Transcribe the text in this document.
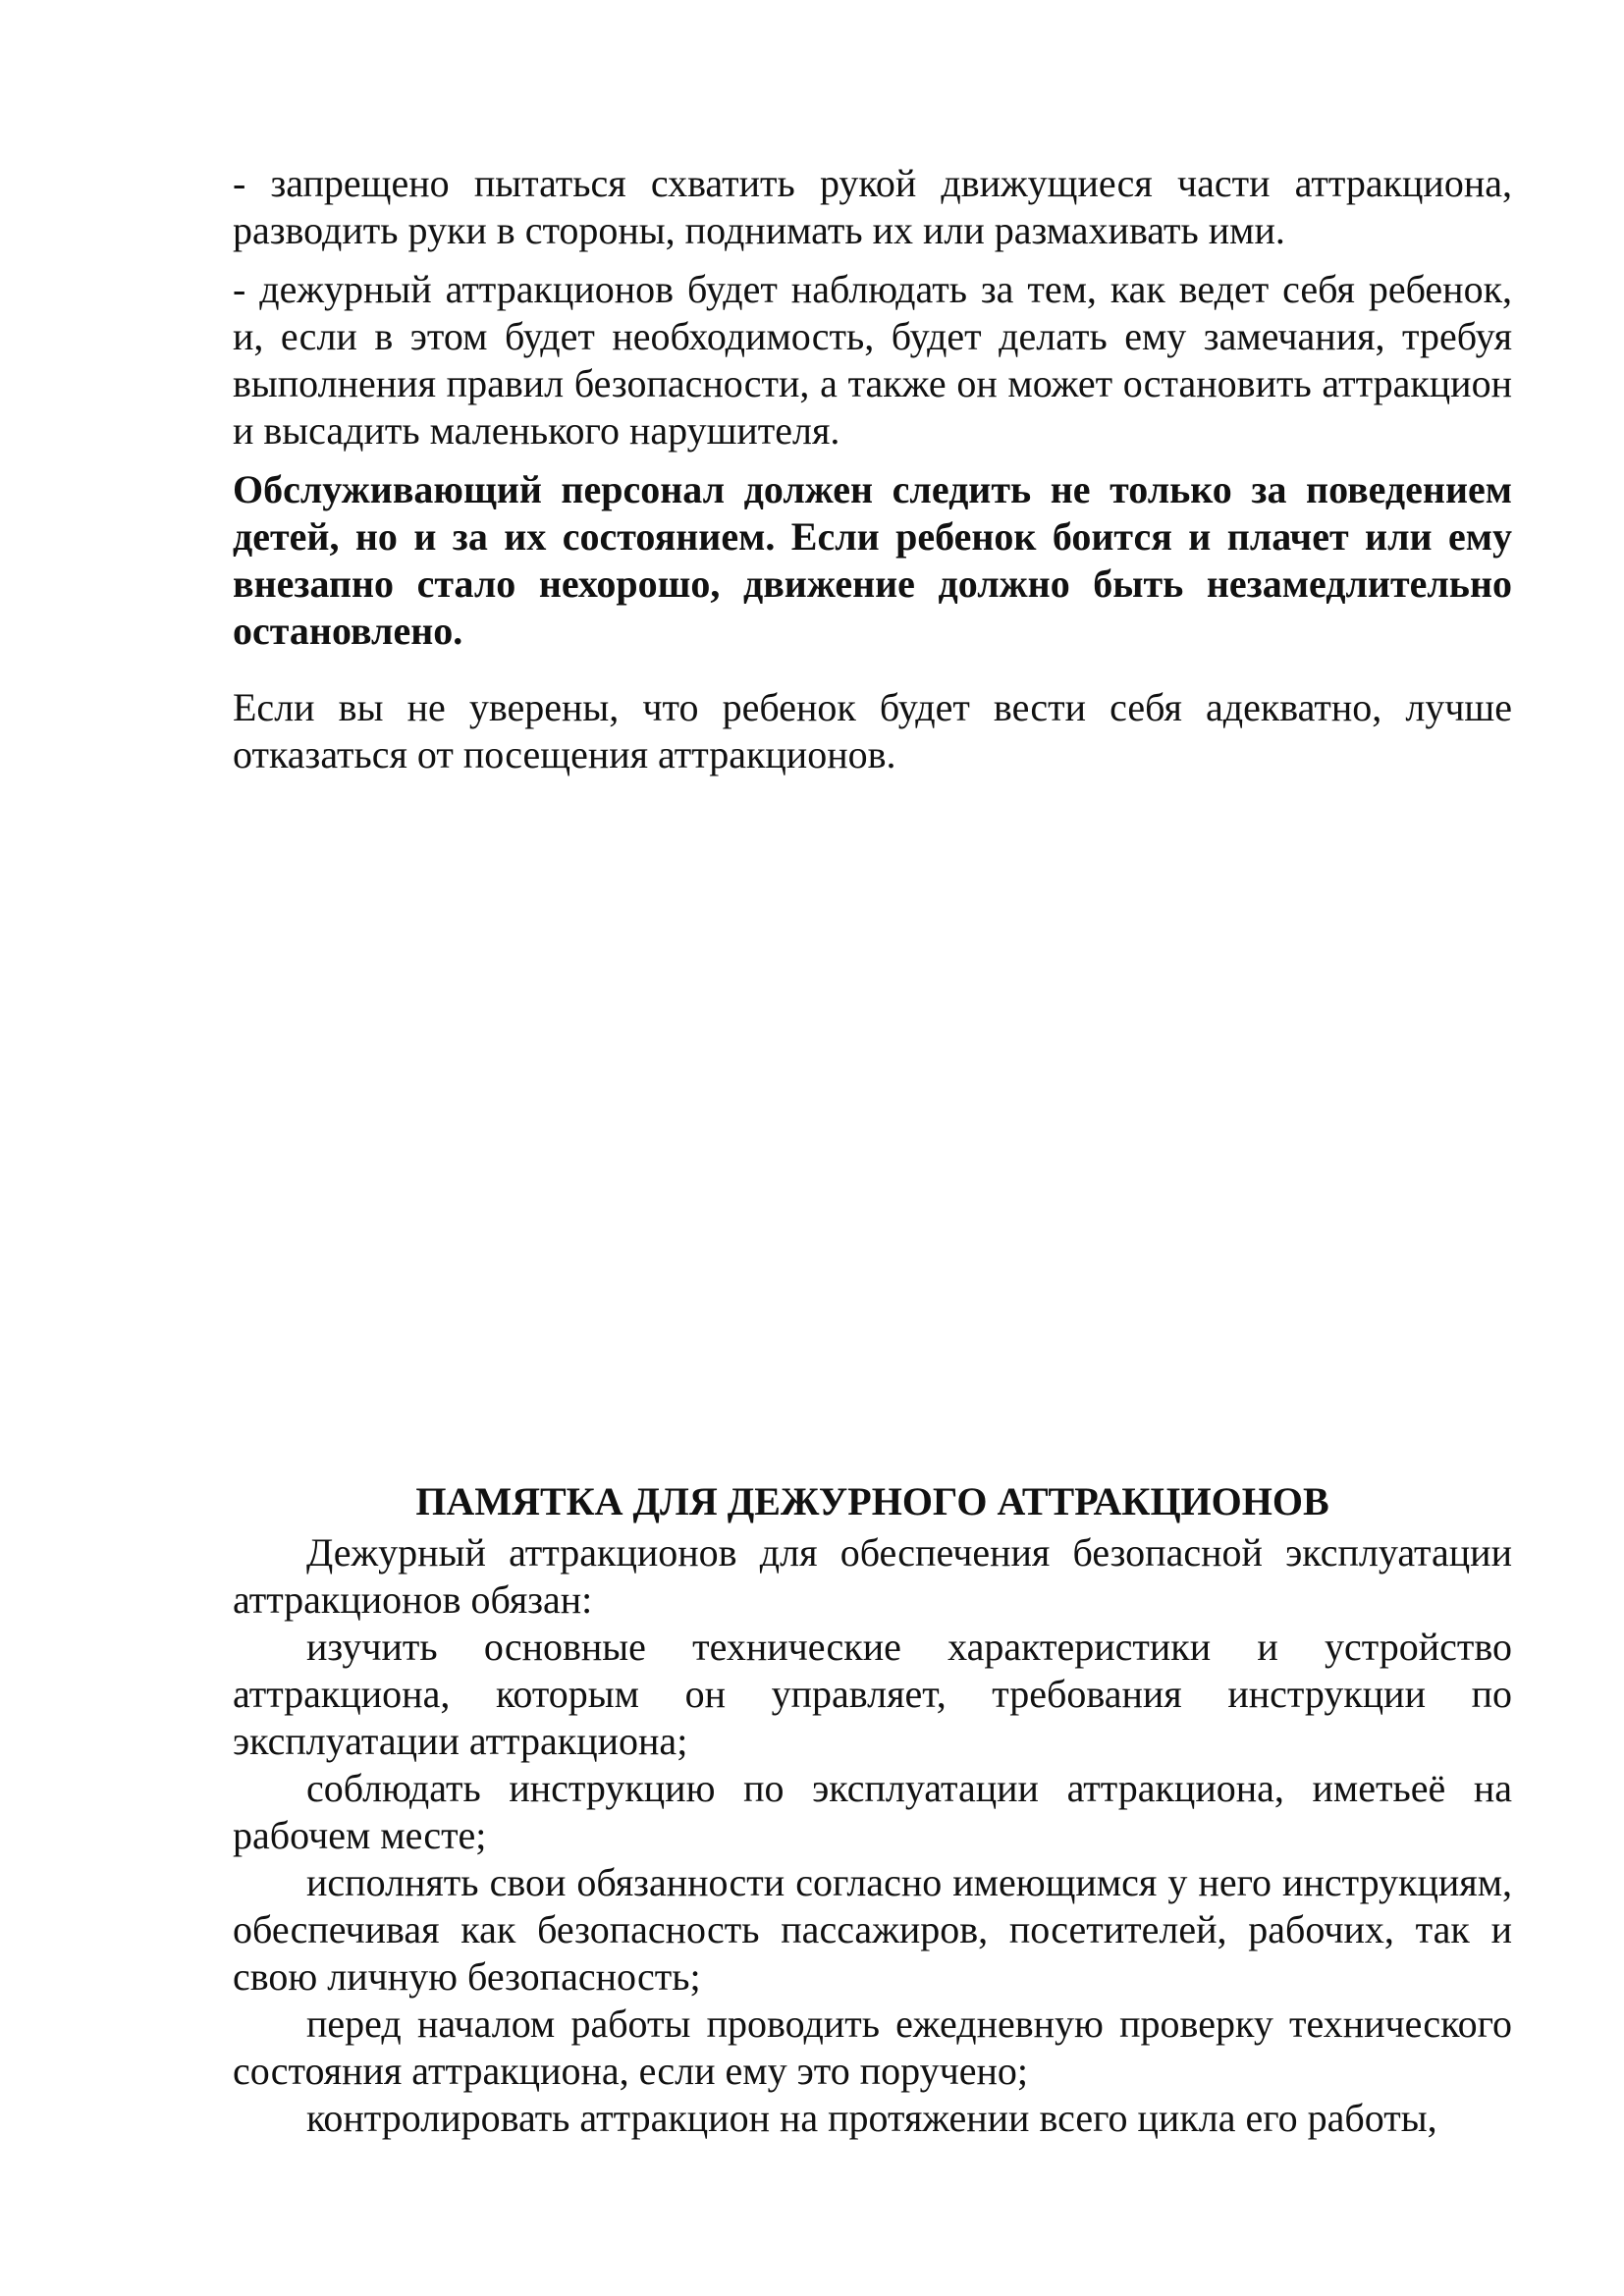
- запрещено пытаться схватить рукой движущиеся части аттракциона, разводить руки в стороны, поднимать их или размахивать ими.

- дежурный аттракционов будет наблюдать за тем, как ведет себя ребенок, и, если в этом будет необходимость, будет делать ему замечания, требуя выполнения правил безопасности, а также он может остановить аттракцион и высадить маленького нарушителя.

Обслуживающий персонал должен следить не только за поведением детей, но и за их состоянием. Если ребенок боится и плачет или ему внезапно стало нехорошо, движение должно быть незамедлительно остановлено.

Если вы не уверены, что ребенок будет вести себя адекватно, лучше отказаться от посещения аттракционов.

ПАМЯТКА ДЛЯ ДЕЖУРНОГО АТТРАКЦИОНОВ

Дежурный аттракционов для обеспечения безопасной эксплуатации аттракционов обязан:

изучить основные технические характеристики и устройство аттракциона, которым он управляет, требования инструкции по эксплуатации аттракциона;

соблюдать инструкцию по эксплуатации аттракциона, иметьеё на рабочем месте;

исполнять свои обязанности согласно имеющимся у него инструкциям, обеспечивая как безопасность пассажиров, посетителей, рабочих, так и свою личную безопасность;

перед началом работы проводить ежедневную проверку технического состояния аттракциона, если ему это поручено;

контролировать аттракцион на протяжении всего цикла его работы,
